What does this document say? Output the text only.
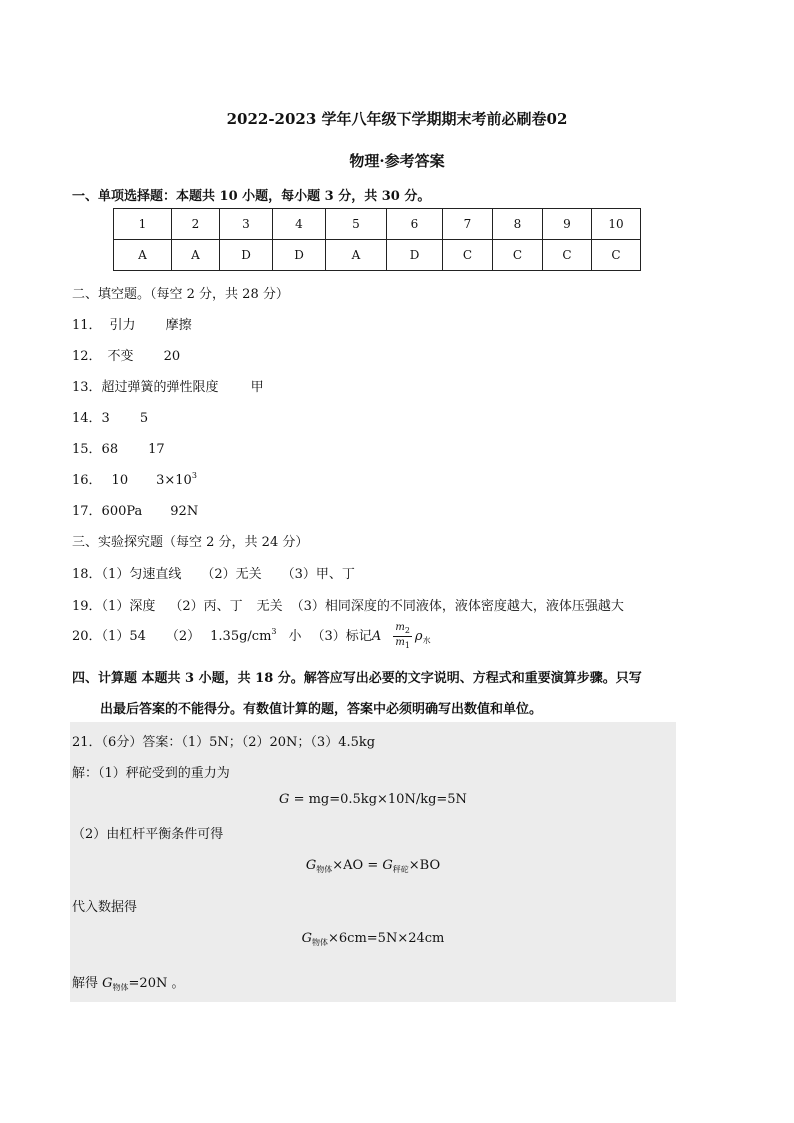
2022-2023 学年八年级下学期期末考前必刷卷02
物理·参考答案
一、单项选择题：本题共 10 小题，每小题 3 分，共 30 分。
1	2	3	4	5	6	7	8	9	10
A	A	D	D	A	D	C	C	C	C
二、填空题。（每空 2 分，共 28 分）
11． 引力 摩擦
12． 不变 20
13．超过弹簧的弹性限度 甲
14．3 5
15．68 17
16． 10 $3\times 10^3$
17．600Pa 92N
三、实验探究题（每空 2 分，共 24 分）
18．（1）匀速直线 （2）无关 （3）甲、丁
19．（1）深度 （2）丙、丁 无关 （3）相同深度的不同液体，液体密度越大，液体压强越大
20．（1）54 （2） $1.35g/cm^3$ 小 （3）标记A $\frac{m_2}{m_1} \rho_水$
四、计算题 本题共 3 小题，共 18 分。解答应写出必要的文字说明、方程式和重要演算步骤。只写
出最后答案的不能得分。有数值计算的题，答案中必须明确写出数值和单位。
21．（6分）答案：（1）5N；（2）20N；（3）4.5kg
解：（1）秤砣受到的重力为
G = mg=0.5kg×10N/kg=5N
（2）由杠杆平衡条件可得
$G_{物体}\times AO = G_{秤砣}\times BO$
代入数据得
$G_{物体}\times 6cm=5N\times 24cm$
解得 $G_{物体}=20N$ 。
